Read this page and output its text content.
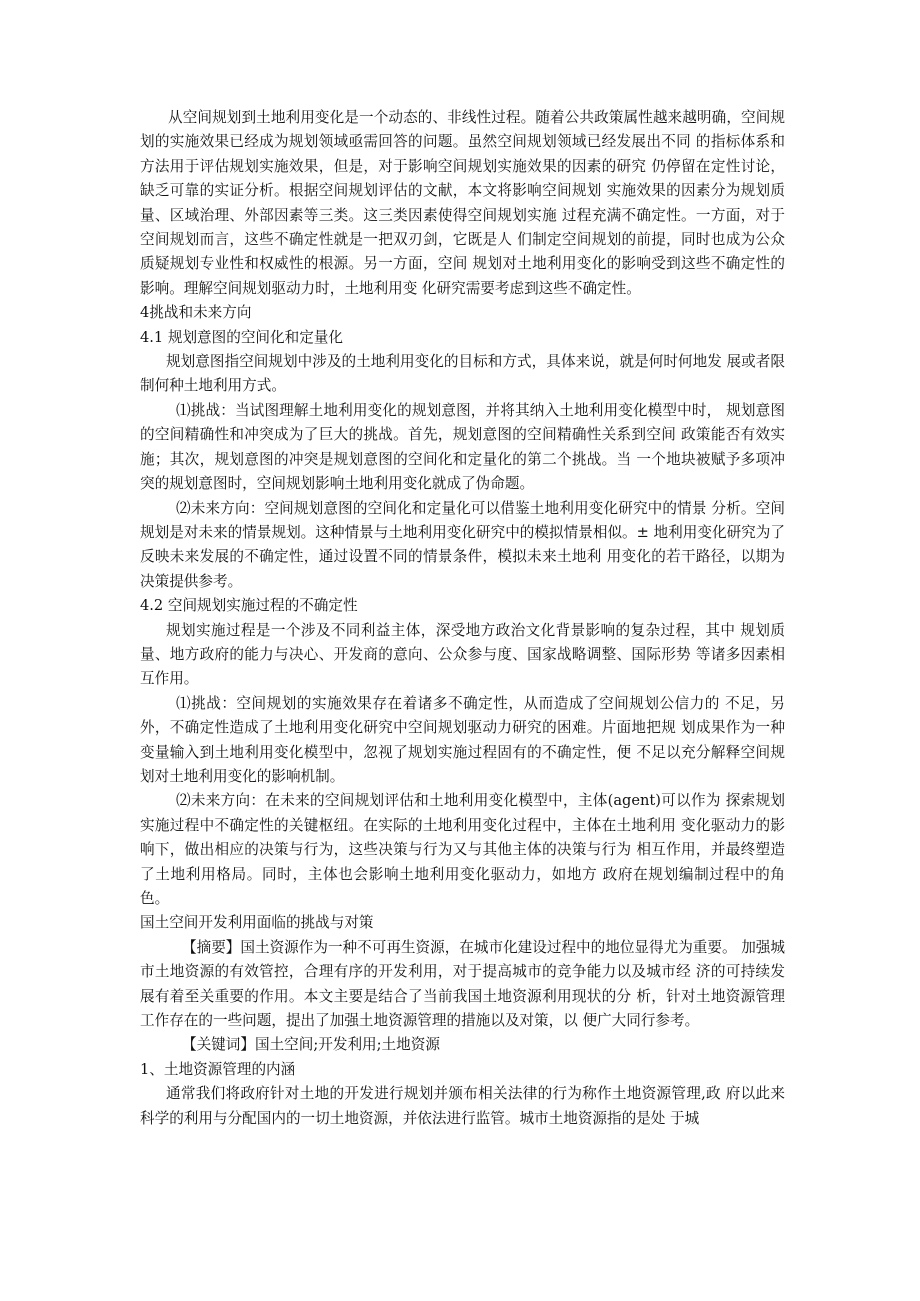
从空间规划到土地利用变化是一个动态的、非线性过程。随着公共政策属性越来越明确，空间规划的实施效果已经成为规划领域亟需回答的问题。虽然空间规划领域已经发展出不同 的指标体系和方法用于评估规划实施效果，但是，对于影响空间规划实施效果的因素的研究 仍停留在定性讨论，缺乏可靠的实证分析。根据空间规划评估的文献，本文将影响空间规划 实施效果的因素分为规划质量、区域治理、外部因素等三类。这三类因素使得空间规划实施 过程充满不确定性。一方面，对于空间规划而言，这些不确定性就是一把双刃剑，它既是人 们制定空间规划的前提，同时也成为公众质疑规划专业性和权威性的根源。另一方面，空间 规划对土地利用变化的影响受到这些不确定性的影响。理解空间规划驱动力时，土地利用变 化研究需要考虑到这些不确定性。

4挑战和未来方向

4.1 规划意图的空间化和定量化

规划意图指空间规划中涉及的土地利用变化的目标和方式，具体来说，就是何时何地发 展或者限制何种土地利用方式。

⑴挑战：当试图理解土地利用变化的规划意图，并将其纳入土地利用变化模型中时， 规划意图的空间精确性和冲突成为了巨大的挑战。首先，规划意图的空间精确性关系到空间 政策能否有效实施；其次，规划意图的冲突是规划意图的空间化和定量化的第二个挑战。当 一个地块被赋予多项冲突的规划意图时，空间规划影响土地利用变化就成了伪命题。

⑵未来方向：空间规划意图的空间化和定量化可以借鉴土地利用变化研究中的情景 分析。空间规划是对未来的情景规划。这种情景与土地利用变化研究中的模拟情景相似。± 地利用变化研究为了反映未来发展的不确定性，通过设置不同的情景条件，模拟未来土地利 用变化的若干路径，以期为决策提供参考。

4.2 空间规划实施过程的不确定性

规划实施过程是一个涉及不同利益主体，深受地方政治文化背景影响的复杂过程，其中 规划质量、地方政府的能力与决心、开发商的意向、公众参与度、国家战略调整、国际形势 等诸多因素相互作用。

⑴挑战：空间规划的实施效果存在着诸多不确定性，从而造成了空间规划公信力的 不足，另外，不确定性造成了土地利用变化研究中空间规划驱动力研究的困难。片面地把规 划成果作为一种变量输入到土地利用变化模型中，忽视了规划实施过程固有的不确定性，便 不足以充分解释空间规划对土地利用变化的影响机制。

⑵未来方向：在未来的空间规划评估和土地利用变化模型中，主体(agent)可以作为 探索规划实施过程中不确定性的关键枢纽。在实际的土地利用变化过程中，主体在土地利用 变化驱动力的影响下，做出相应的决策与行为，这些决策与行为又与其他主体的决策与行为 相互作用，并最终塑造了土地利用格局。同时，主体也会影响土地利用变化驱动力，如地方 政府在规划编制过程中的角色。

国土空间开发利用面临的挑战与对策

【摘要】国土资源作为一种不可再生资源，在城市化建设过程中的地位显得尤为重要。 加强城市土地资源的有效管控，合理有序的开发利用，对于提高城市的竞争能力以及城市经 济的可持续发展有着至关重要的作用。本文主要是结合了当前我国土地资源利用现状的分 析，针对土地资源管理工作存在的一些问题，提出了加强土地资源管理的措施以及对策，以 便广大同行参考。

【关键词】国土空间;开发利用;土地资源

1、土地资源管理的内涵

通常我们将政府针对土地的开发进行规划并颁布相关法律的行为称作土地资源管理,政 府以此来科学的利用与分配国内的一切土地资源，并依法进行监管。城市土地资源指的是处 于城
